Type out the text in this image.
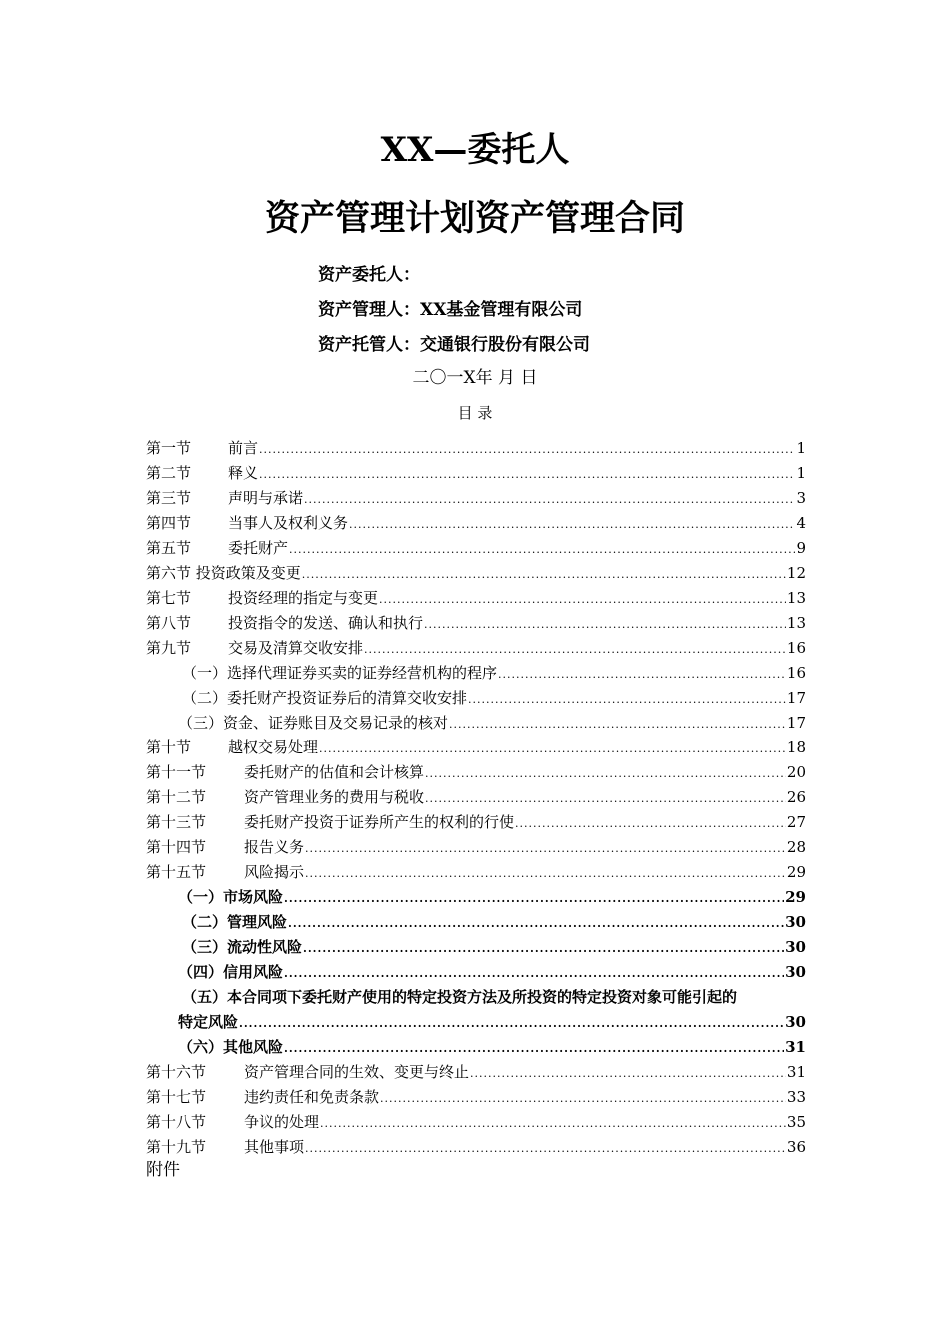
XX—委托人
资产管理计划资产管理合同
资产委托人：
资产管理人：XX基金管理有限公司
资产托管人：交通银行股份有限公司
二〇一X年 月 日
目 录
第一节	前言 .....	1
第二节	释义 .....	1
第三节	声明与承诺 .....	3
第四节	当事人及权利义务 .....	4
第五节	委托财产 .....	9
第六节 投资政策及变更 .....	12
第七节	投资经理的指定与变更 .....	13
第八节	投资指令的发送、确认和执行 .....	13
第九节	交易及清算交收安排 .....	16
（一）选择代理证券买卖的证券经营机构的程序 .....	16
（二）委托财产投资证券后的清算交收安排 .....	17
（三）资金、证券账目及交易记录的核对 .....	17
第十节	越权交易处理 .....	18
第十一节	委托财产的估值和会计核算 .....	20
第十二节	资产管理业务的费用与税收 .....	26
第十三节	委托财产投资于证券所产生的权利的行使 .....	27
第十四节	报告义务 .....	28
第十五节	风险揭示 .....	29
（一）市场风险 .....	29
（二）管理风险 .....	30
（三）流动性风险 .....	30
（四）信用风险 .....	30
（五）本合同项下委托财产使用的特定投资方法及所投资的特定投资对象可能引起的
特定风险 .....	30
（六）其他风险 .....	31
第十六节	资产管理合同的生效、变更与终止 .....	31
第十七节	违约责任和免责条款 .....	33
第十八节	争议的处理 .....	35
第十九节	其他事项 .....	36
附件
